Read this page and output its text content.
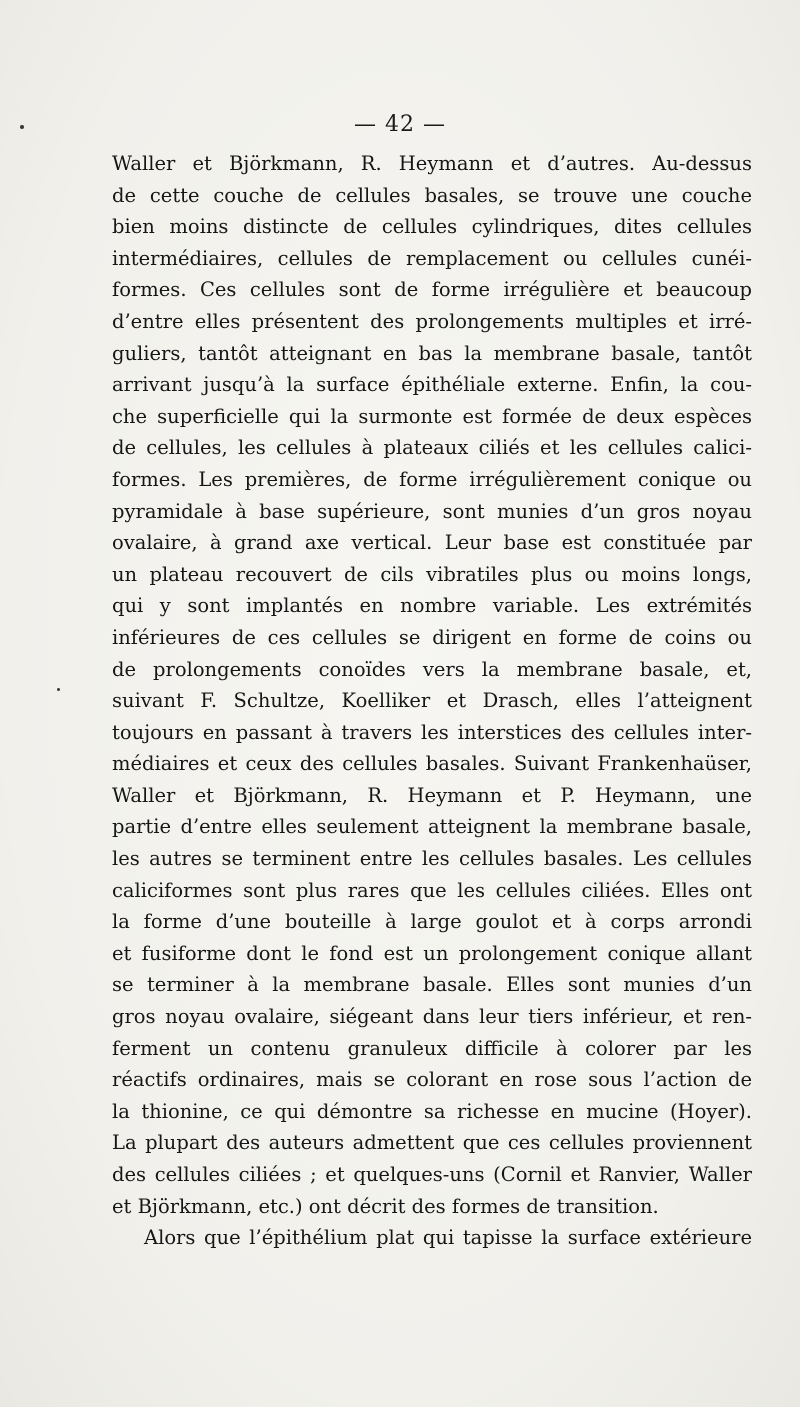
— 42 —
Waller et Björkmann, R. Heymann et d’autres. Au-dessus
de cette couche de cellules basales, se trouve une couche
bien moins distincte de cellules cylindriques, dites cellules
intermédiaires, cellules de remplacement ou cellules cunéi-
formes. Ces cellules sont de forme irrégulière et beaucoup
d’entre elles présentent des prolongements multiples et irré-
guliers, tantôt atteignant en bas la membrane basale, tantôt
arrivant jusqu’à la surface épithéliale externe. Enfin, la cou-
che superficielle qui la surmonte est formée de deux espèces
de cellules, les cellules à plateaux ciliés et les cellules calici-
formes. Les premières, de forme irrégulièrement conique ou
pyramidale à base supérieure, sont munies d’un gros noyau
ovalaire, à grand axe vertical. Leur base est constituée par
un plateau recouvert de cils vibratiles plus ou moins longs,
qui y sont implantés en nombre variable. Les extrémités
inférieures de ces cellules se dirigent en forme de coins ou
de prolongements conoïdes vers la membrane basale, et,
suivant F. Schultze, Koelliker et Drasch, elles l’atteignent
toujours en passant à travers les interstices des cellules inter-
médiaires et ceux des cellules basales. Suivant Frankenhaüser,
Waller et Björkmann, R. Heymann et P. Heymann, une
partie d’entre elles seulement atteignent la membrane basale,
les autres se terminent entre les cellules basales. Les cellules
caliciformes sont plus rares que les cellules ciliées. Elles ont
la forme d’une bouteille à large goulot et à corps arrondi
et fusiforme dont le fond est un prolongement conique allant
se terminer à la membrane basale. Elles sont munies d’un
gros noyau ovalaire, siégeant dans leur tiers inférieur, et ren-
ferment un contenu granuleux difficile à colorer par les
réactifs ordinaires, mais se colorant en rose sous l’action de
la thionine, ce qui démontre sa richesse en mucine (Hoyer).
La plupart des auteurs admettent que ces cellules proviennent
des cellules ciliées ; et quelques-uns (Cornil et Ranvier, Waller
et Björkmann, etc.) ont décrit des formes de transition.
Alors que l’épithélium plat qui tapisse la surface extérieure
